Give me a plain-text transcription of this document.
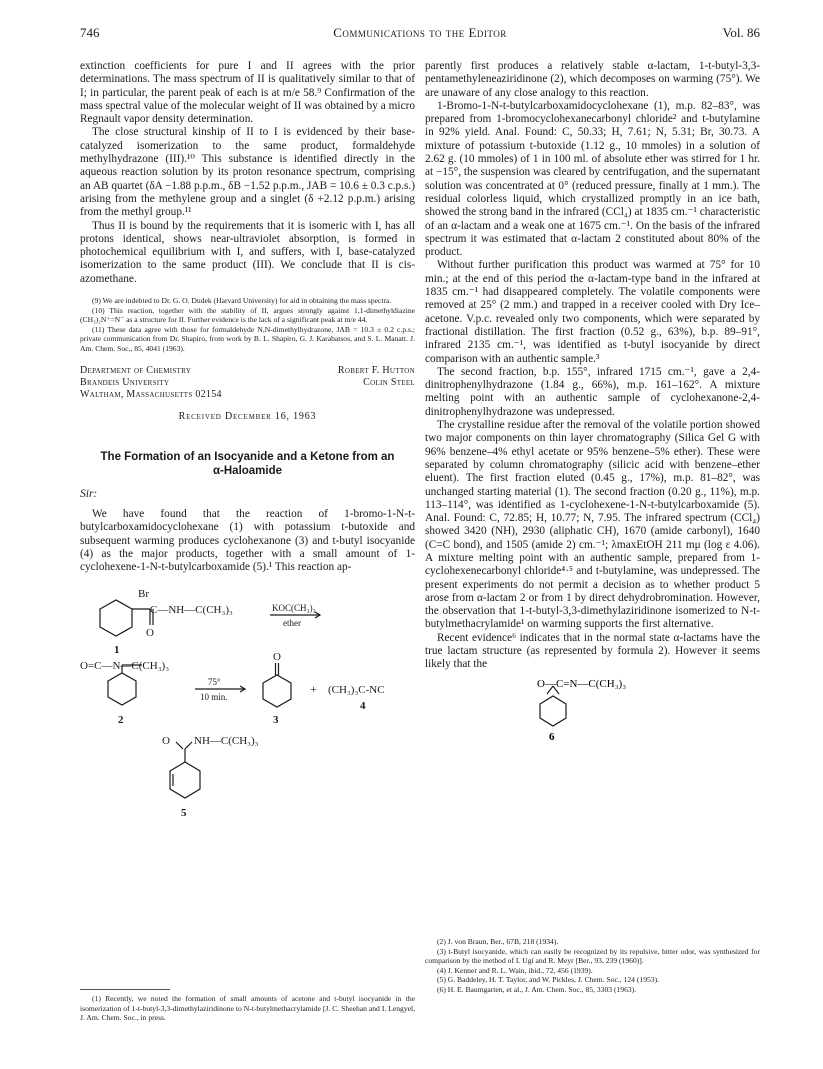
746	Communications to the Editor	Vol. 86

extinction coefficients for pure I and II agrees with the prior determinations. The mass spectrum of II is qualitatively similar to that of I; in particular, the parent peak of each is at m/e 58.⁹ Confirmation of the mass spectral value of the molecular weight of II was obtained by a micro Regnault vapor density determination.

The close structural kinship of II to I is evidenced by their base-catalyzed isomerization to the same product, formaldehyde methylhydrazone (III).¹⁰ This substance is identified directly in the aqueous reaction solution by its proton resonance spectrum, comprising an AB quartet (δA −1.88 p.p.m., δB −1.52 p.p.m., JAB = 10.6 ± 0.3 c.p.s.) arising from the methylene group and a singlet (δ +2.12 p.p.m.) arising from the methyl group.¹¹

Thus II is bound by the requirements that it is isomeric with I, has all protons identical, shows near-ultraviolet absorption, is formed in photochemical equilibrium with I, and suffers, with I, base-catalyzed isomerization to the same product (III). We conclude that II is cis-azomethane.

(9) We are indebted to Dr. G. O. Dudek (Harvard University) for aid in obtaining the mass spectra.

(10) This reaction, together with the stability of II, argues strongly against 1,1-dimethyldiazine (CH₃)₂N⁺=N⁻ as a structure for II. Further evidence is the lack of a significant peak at m/e 44.

(11) These data agree with those for formaldehyde N,N-dimethylhydrazone, JAB = 10.3 ± 0.2 c.p.s.; private communication from Dr. Shapiro, from work by B. L. Shapiro, G. J. Karabatsos, and S. L. Manatt. J. Am. Chem. Soc., 85, 4041 (1963).

Department of Chemistry
Brandeis University
Waltham, Massachusetts 02154
Robert F. Hutton
Colin Steel
Received December 16, 1963
The Formation of an Isocyanide and a Ketone from an
α-Haloamide
Sir:

We have found that the reaction of 1-bromo-1-N-t-butylcarboxamidocyclohexane (1) with potassium t-butoxide and subsequent warming produces cyclohexanone (3) and t-butyl isocyanide (4) as the major products, together with a small amount of 1-cyclohexene-1-N-t-butylcarboxamide (5).¹ This reaction ap-

Br
C—NH—C(CH₃)₃
O
KOC(CH₃)₃
ether
1
O=C—N—C(CH₃)₃
2
75°
10 min.
O
3
+ (CH₃)₃C-NC
4
NH—C(CH₃)₃
O
5

(1) Recently, we noted the formation of small amounts of acetone and t-butyl isocyanide in the isomerization of 1-t-butyl-3,3-dimethylaziridinone to N-t-butylmethacrylamide [J. C. Sheehan and I. Lengyel, J. Am. Chem. Soc., in press.

parently first produces a relatively stable α-lactam, 1-t-butyl-3,3-pentamethyleneaziridinone (2), which decomposes on warming (75°). We are unaware of any close analogy to this reaction.

1-Bromo-1-N-t-butylcarboxamidocyclohexane (1), m.p. 82–83°, was prepared from 1-bromocyclohexanecarbonyl chloride² and t-butylamine in 92% yield. Anal. Found: C, 50.33; H, 7.61; N, 5.31; Br, 30.73. A mixture of potassium t-butoxide (1.12 g., 10 mmoles) in a solution of 2.62 g. (10 mmoles) of 1 in 100 ml. of absolute ether was stirred for 1 hr. at −15°, the suspension was cleared by centrifugation, and the supernatant solution was concentrated at 0° (reduced pressure, finally at 1 mm.). The residual colorless liquid, which crystallized promptly in an ice bath, showed the strong band in the infrared (CCl₄) at 1835 cm.⁻¹ characteristic of an α-lactam and a weak one at 1675 cm.⁻¹. On the basis of the infrared spectrum it was estimated that α-lactam 2 constituted about 80% of the product.

Without further purification this product was warmed at 75° for 10 min.; at the end of this period the α-lactam-type band in the infrared at 1835 cm.⁻¹ had disappeared completely. The volatile components were removed at 25° (2 mm.) and trapped in a receiver cooled with Dry Ice–acetone. V.p.c. revealed only two components, which were separated by fractional distillation. The first fraction (0.52 g., 63%), b.p. 89–91°, infrared 2135 cm.⁻¹, was identified as t-butyl isocyanide by direct comparison with an authentic sample.³

The second fraction, b.p. 155°, infrared 1715 cm.⁻¹, gave a 2,4-dinitrophenylhydrazone (1.84 g., 66%), m.p. 161–162°. A mixture melting point with an authentic sample of cyclohexanone-2,4-dinitrophenylhydrazone was undepressed.

The crystalline residue after the removal of the volatile portion showed two major components on thin layer chromatography (Silica Gel G with 96% benzene–4% ethyl acetate or 95% benzene–5% ether). These were separated by column chromatography (silicic acid with benzene–ether eluent). The first fraction eluted (0.45 g., 17%), m.p. 81–82°, was unchanged starting material (1). The second fraction (0.20 g., 11%), m.p. 113–114°, was identified as 1-cyclohexene-1-N-t-butylcarboxamide (5). Anal. Found: C, 72.85; H, 10.77; N, 7.95. The infrared spectrum (CCl₄) showed 3420 (NH), 2930 (aliphatic CH), 1670 (amide carbonyl), 1640 (C=C bond), and 1505 (amide 2) cm.⁻¹; λmaxEtOH 211 mμ (log ε 4.06). A mixture melting point with an authentic sample, prepared from 1-cyclohexenecarbonyl chloride⁴·⁵ and t-butylamine, was undepressed. The present experiments do not permit a decision as to whether product 5 arose from α-lactam 2 or from 1 by direct dehydrobromination. However, the observation that 1-t-butyl-3,3-dimethylaziridinone isomerized to N-t-butylmethacrylamide¹ on warming supports the first alternative.

Recent evidence⁶ indicates that in the normal state α-lactams have the true lactam structure (as represented by formula 2). However it seems likely that the

O—C=N—C(CH₃)₃
6

(2) J. von Braun, Ber., 67B, 218 (1934).

(3) t-Butyl isocyanide, which can easily be recognized by its repulsive, bitter odor, was synthesized for comparison by the method of I. Ugi and R. Meyr [Ber., 93, 239 (1960)].

(4) J. Kenner and R. L. Wain, ibid., 72, 456 (1939).

(5) G. Baddeley, H. T. Taylor, and W. Pickles, J. Chem. Soc., 124 (1953).

(6) H. E. Baumgarten, et al., J. Am. Chem. Soc., 85, 3303 (1963).
